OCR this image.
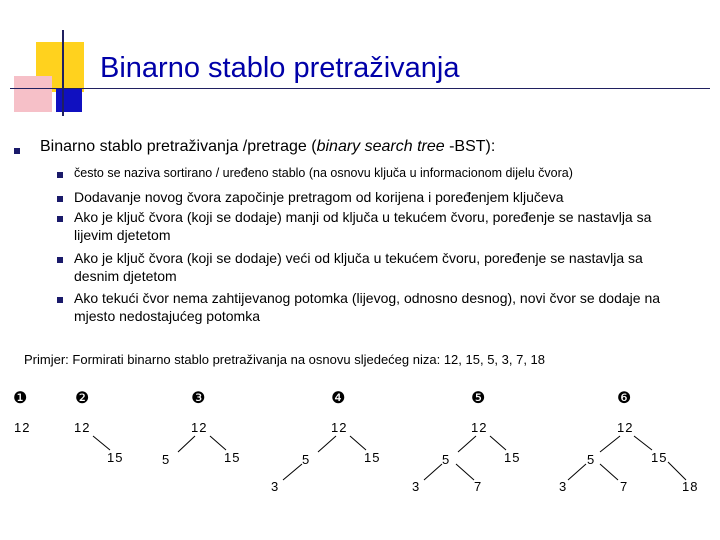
Binarno stablo pretraživanja
Binarno stablo pretraživanja /pretrage (binary search tree -BST):
često se naziva sortirano / uređeno stablo (na osnovu ključa u informacionom dijelu čvora)
Dodavanje novog čvora započinje pretragom od korijena i poređenjem ključeva
Ako je ključ čvora (koji se dodaje) manji od ključa u tekućem čvoru, poređenje se nastavlja sa lijevim djetetom
Ako je ključ čvora (koji se dodaje) veći od ključa u tekućem čvoru, poređenje se nastavlja sa desnim djetetom
Ako tekući čvor nema zahtijevanog potomka (lijevog, odnosno desnog), novi čvor se dodaje na mjesto nedostajućeg potomka
Primjer: Formirati binarno stablo pretraživanja na osnovu sljedećeg niza: 12, 15, 5, 3, 7, 18
❶	❷	❸	❹	❺	❻
12	12
15
12
5	15
12
5	15
3
12
5	15
3	7
12
5	15
3	7	18
